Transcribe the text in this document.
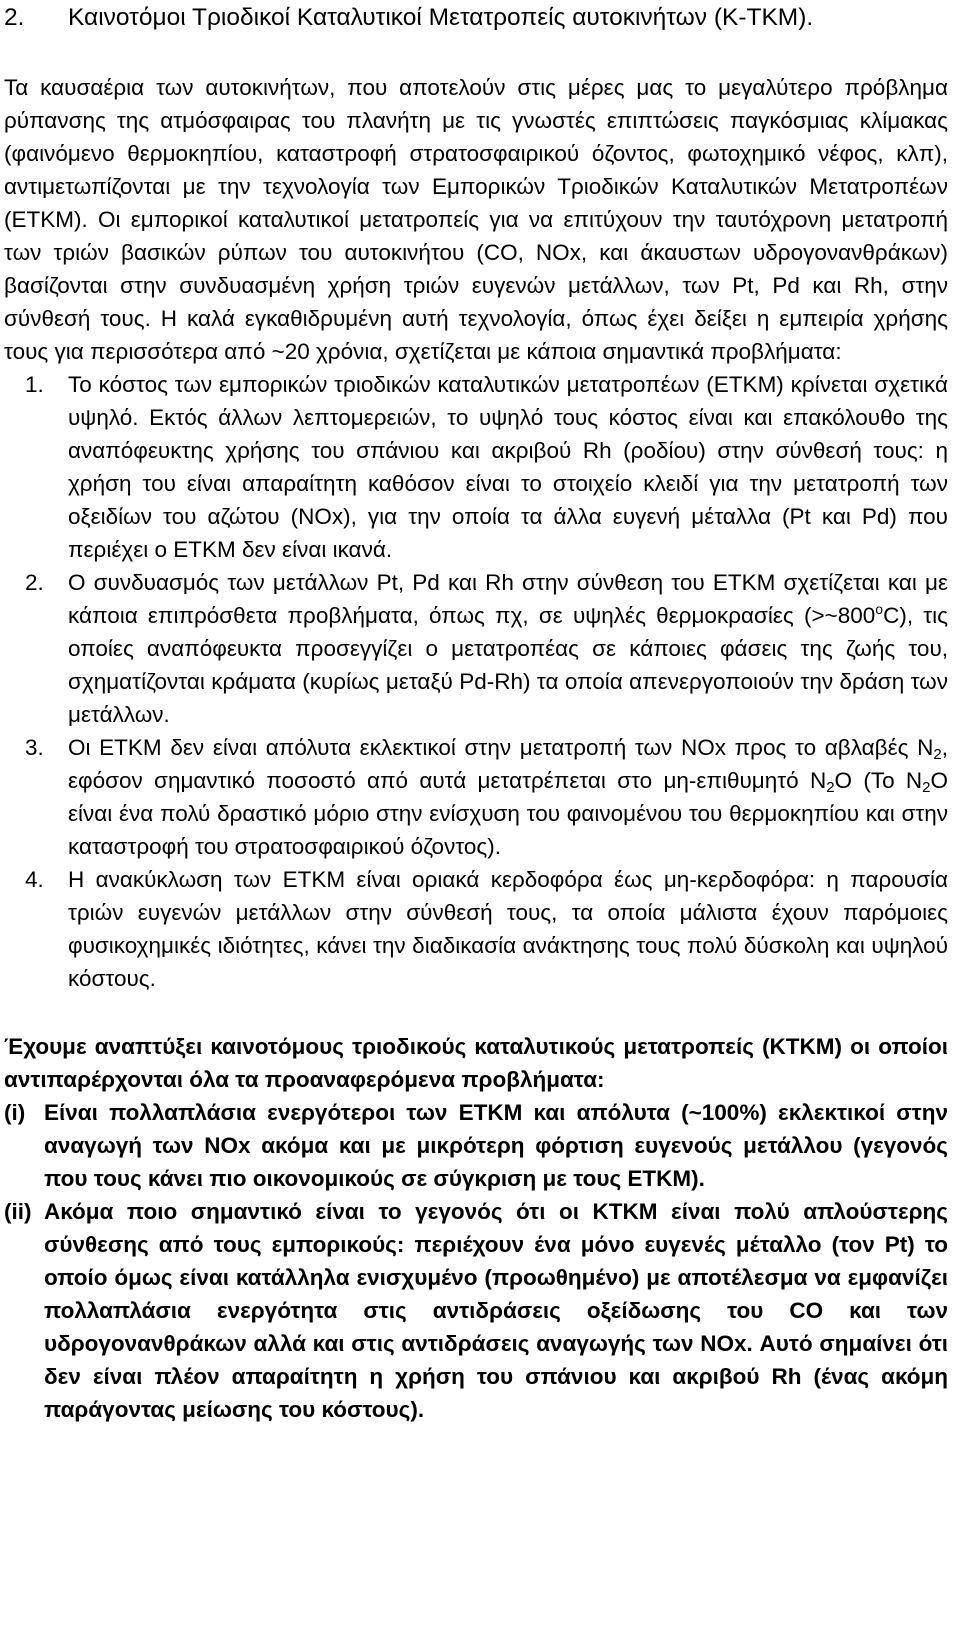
2.	Καινοτόμοι Τριοδικοί Καταλυτικοί Μετατροπείς αυτοκινήτων (Κ-ΤΚΜ).

Τα καυσαέρια των αυτοκινήτων, που αποτελούν στις μέρες μας το μεγαλύτερο πρόβλημα ρύπανσης της ατμόσφαιρας του πλανήτη με τις γνωστές επιπτώσεις παγκόσμιας κλίμακας (φαινόμενο θερμοκηπίου, καταστροφή στρατοσφαιρικού όζοντος, φωτοχημικό νέφος, κλπ), αντιμετωπίζονται με την τεχνολογία των Εμπορικών Τριοδικών Καταλυτικών Μετατροπέων (ΕΤΚΜ). Οι εμπορικοί καταλυτικοί μετατροπείς για να επιτύχουν την ταυτόχρονη μετατροπή των τριών βασικών ρύπων του αυτοκινήτου (CO, NOx, και άκαυστων υδρογονανθράκων) βασίζονται στην συνδυασμένη χρήση τριών ευγενών μετάλλων, των Pt, Pd και Rh, στην σύνθεσή τους. Η καλά εγκαθιδρυμένη αυτή τεχνολογία, όπως έχει δείξει η εμπειρία χρήσης τους για περισσότερα από ~20 χρόνια, σχετίζεται με κάποια σημαντικά προβλήματα:

1.	Το κόστος των εμπορικών τριοδικών καταλυτικών μετατροπέων (ΕΤΚΜ) κρίνεται σχετικά υψηλό. Εκτός άλλων λεπτομερειών, το υψηλό τους κόστος είναι και επακόλουθο της αναπόφευκτης χρήσης του σπάνιου και ακριβού Rh (ροδίου) στην σύνθεσή τους: η χρήση του είναι απαραίτητη καθόσον είναι το στοιχείο κλειδί για την μετατροπή των οξειδίων του αζώτου (NOx), για την οποία τα άλλα ευγενή μέταλλα (Pt και Pd) που περιέχει ο ΕΤΚΜ δεν είναι ικανά.
2.	Ο συνδυασμός των μετάλλων Pt, Pd και Rh στην σύνθεση του ΕΤΚΜ σχετίζεται και με κάποια επιπρόσθετα προβλήματα, όπως πχ, σε υψηλές θερμοκρασίες $(>\sim 800^oC)$, τις οποίες αναπόφευκτα προσεγγίζει ο μετατροπέας σε κάποιες φάσεις της ζωής του, σχηματίζονται κράματα (κυρίως μεταξύ Pd-Rh) τα οποία απενεργοποιούν την δράση των μετάλλων.
3.	Οι ΕΤΚΜ δεν είναι απόλυτα εκλεκτικοί στην μετατροπή των NOx προς το αβλαβές $N_2$, εφόσον σημαντικό ποσοστό από αυτά μετατρέπεται στο μη-επιθυμητό $N_2O$ (Το $N_2O$ είναι ένα πολύ δραστικό μόριο στην ενίσχυση του φαινομένου του θερμοκηπίου και στην καταστροφή του στρατοσφαιρικού όζοντος).
4.	Η ανακύκλωση των ΕΤΚΜ είναι οριακά κερδοφόρα έως μη-κερδοφόρα: η παρουσία τριών ευγενών μετάλλων στην σύνθεσή τους, τα οποία μάλιστα έχουν παρόμοιες φυσικοχημικές ιδιότητες, κάνει την διαδικασία ανάκτησης τους πολύ δύσκολη και υψηλού κόστους.
Έχουμε αναπτύξει καινοτόμους τριοδικούς καταλυτικούς μετατροπείς (ΚΤΚΜ) οι οποίοι αντιπαρέρχονται όλα τα προαναφερόμενα προβλήματα:
(i) Είναι πολλαπλάσια ενεργότεροι των ΕΤΚΜ και απόλυτα (~100%) εκλεκτικοί στην αναγωγή των NOx ακόμα και με μικρότερη φόρτιση ευγενούς μετάλλου (γεγονός που τους κάνει πιο οικονομικούς σε σύγκριση με τους ΕΤΚΜ).
(ii) Ακόμα ποιο σημαντικό είναι το γεγονός ότι οι ΚΤΚΜ είναι πολύ απλούστερης σύνθεσης από τους εμπορικούς: περιέχουν ένα μόνο ευγενές μέταλλο (τον Pt) το οποίο όμως είναι κατάλληλα ενισχυμένο (προωθημένο) με αποτέλεσμα να εμφανίζει πολλαπλάσια ενεργότητα στις αντιδράσεις οξείδωσης του CO και των υδρογονανθράκων αλλά και στις αντιδράσεις αναγωγής των NOx. Αυτό σημαίνει ότι δεν είναι πλέον απαραίτητη η χρήση του σπάνιου και ακριβού Rh (ένας ακόμη παράγοντας μείωσης του κόστους).
